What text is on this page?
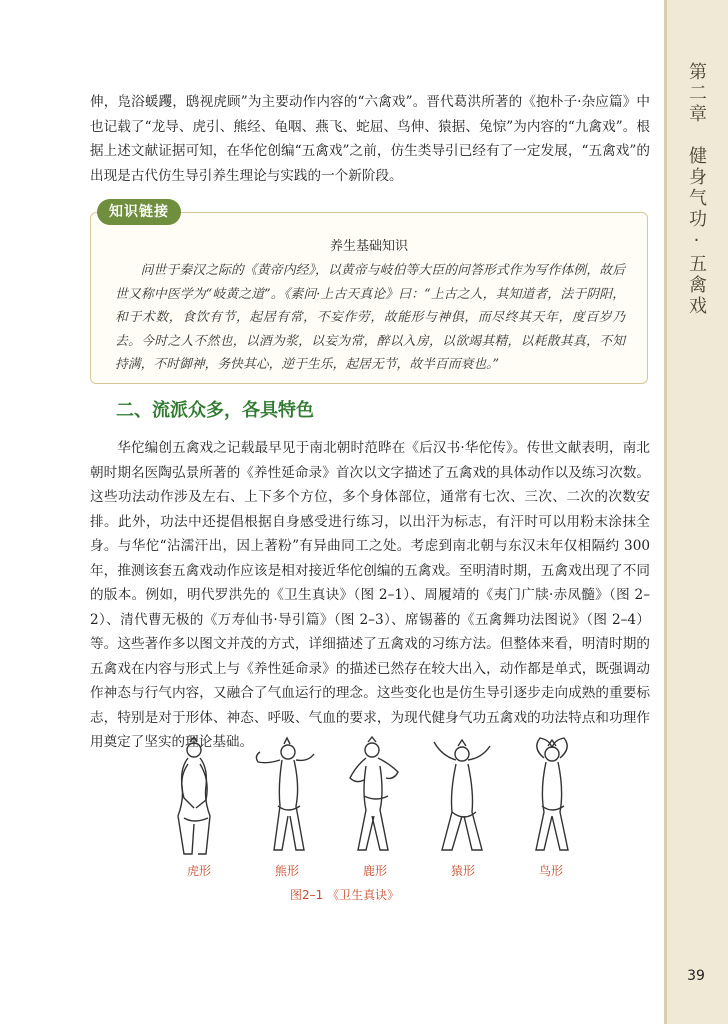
第二章　健身气功·五禽戏

伸，凫浴蝯躩，鸱视虎顾”为主要动作内容的“六禽戏”。晋代葛洪所著的《抱朴子·杂应篇》中也记载了“龙导、虎引、熊经、龟咽、燕飞、蛇屈、鸟伸、猿据、兔惊”为内容的“九禽戏”。根据上述文献证据可知，在华佗创编“五禽戏”之前，仿生类导引已经有了一定发展，“五禽戏”的出现是古代仿生导引养生理论与实践的一个新阶段。

知识链接
养生基础知识
问世于秦汉之际的《黄帝内经》，以黄帝与岐伯等大臣的问答形式作为写作体例，故后世又称中医学为“岐黄之道”。《素问·上古天真论》曰：“上古之人，其知道者，法于阴阳，和于术数，食饮有节，起居有常，不妄作劳，故能形与神俱，而尽终其天年，度百岁乃去。今时之人不然也，以酒为浆，以妄为常，醉以入房，以欲竭其精，以耗散其真，不知持满，不时御神，务快其心，逆于生乐，起居无节，故半百而衰也。”
二、流派众多，各具特色

华佗编创五禽戏之记载最早见于南北朝时范晔在《后汉书·华佗传》。传世文献表明，南北朝时期名医陶弘景所著的《养性延命录》首次以文字描述了五禽戏的具体动作以及练习次数。这些功法动作涉及左右、上下多个方位，多个身体部位，通常有七次、三次、二次的次数安排。此外，功法中还提倡根据自身感受进行练习，以出汗为标志，有汗时可以用粉末涂抹全身。与华佗“沾濡汗出，因上著粉”有异曲同工之处。考虑到南北朝与东汉末年仅相隔约 300 年，推测该套五禽戏动作应该是相对接近华佗创编的五禽戏。至明清时期，五禽戏出现了不同的版本。例如，明代罗洪先的《卫生真诀》（图 2–1）、周履靖的《夷门广牍·赤凤髓》（图 2–2）、清代曹无极的《万寿仙书·导引篇》（图 2–3）、席锡蕃的《五禽舞功法图说》（图 2–4）等。这些著作多以图文并茂的方式，详细描述了五禽戏的习练方法。但整体来看，明清时期的五禽戏在内容与形式上与《养性延命录》的描述已然存在较大出入，动作都是单式，既强调动作神态与行气内容，又融合了气血运行的理念。这些变化也是仿生导引逐步走向成熟的重要标志，特别是对于形体、神态、呼吸、气血的要求，为现代健身气功五禽戏的功法特点和功理作用奠定了坚实的理论基础。

虎形	熊形	鹿形	猿形	鸟形
图2–1 《卫生真诀》
39
